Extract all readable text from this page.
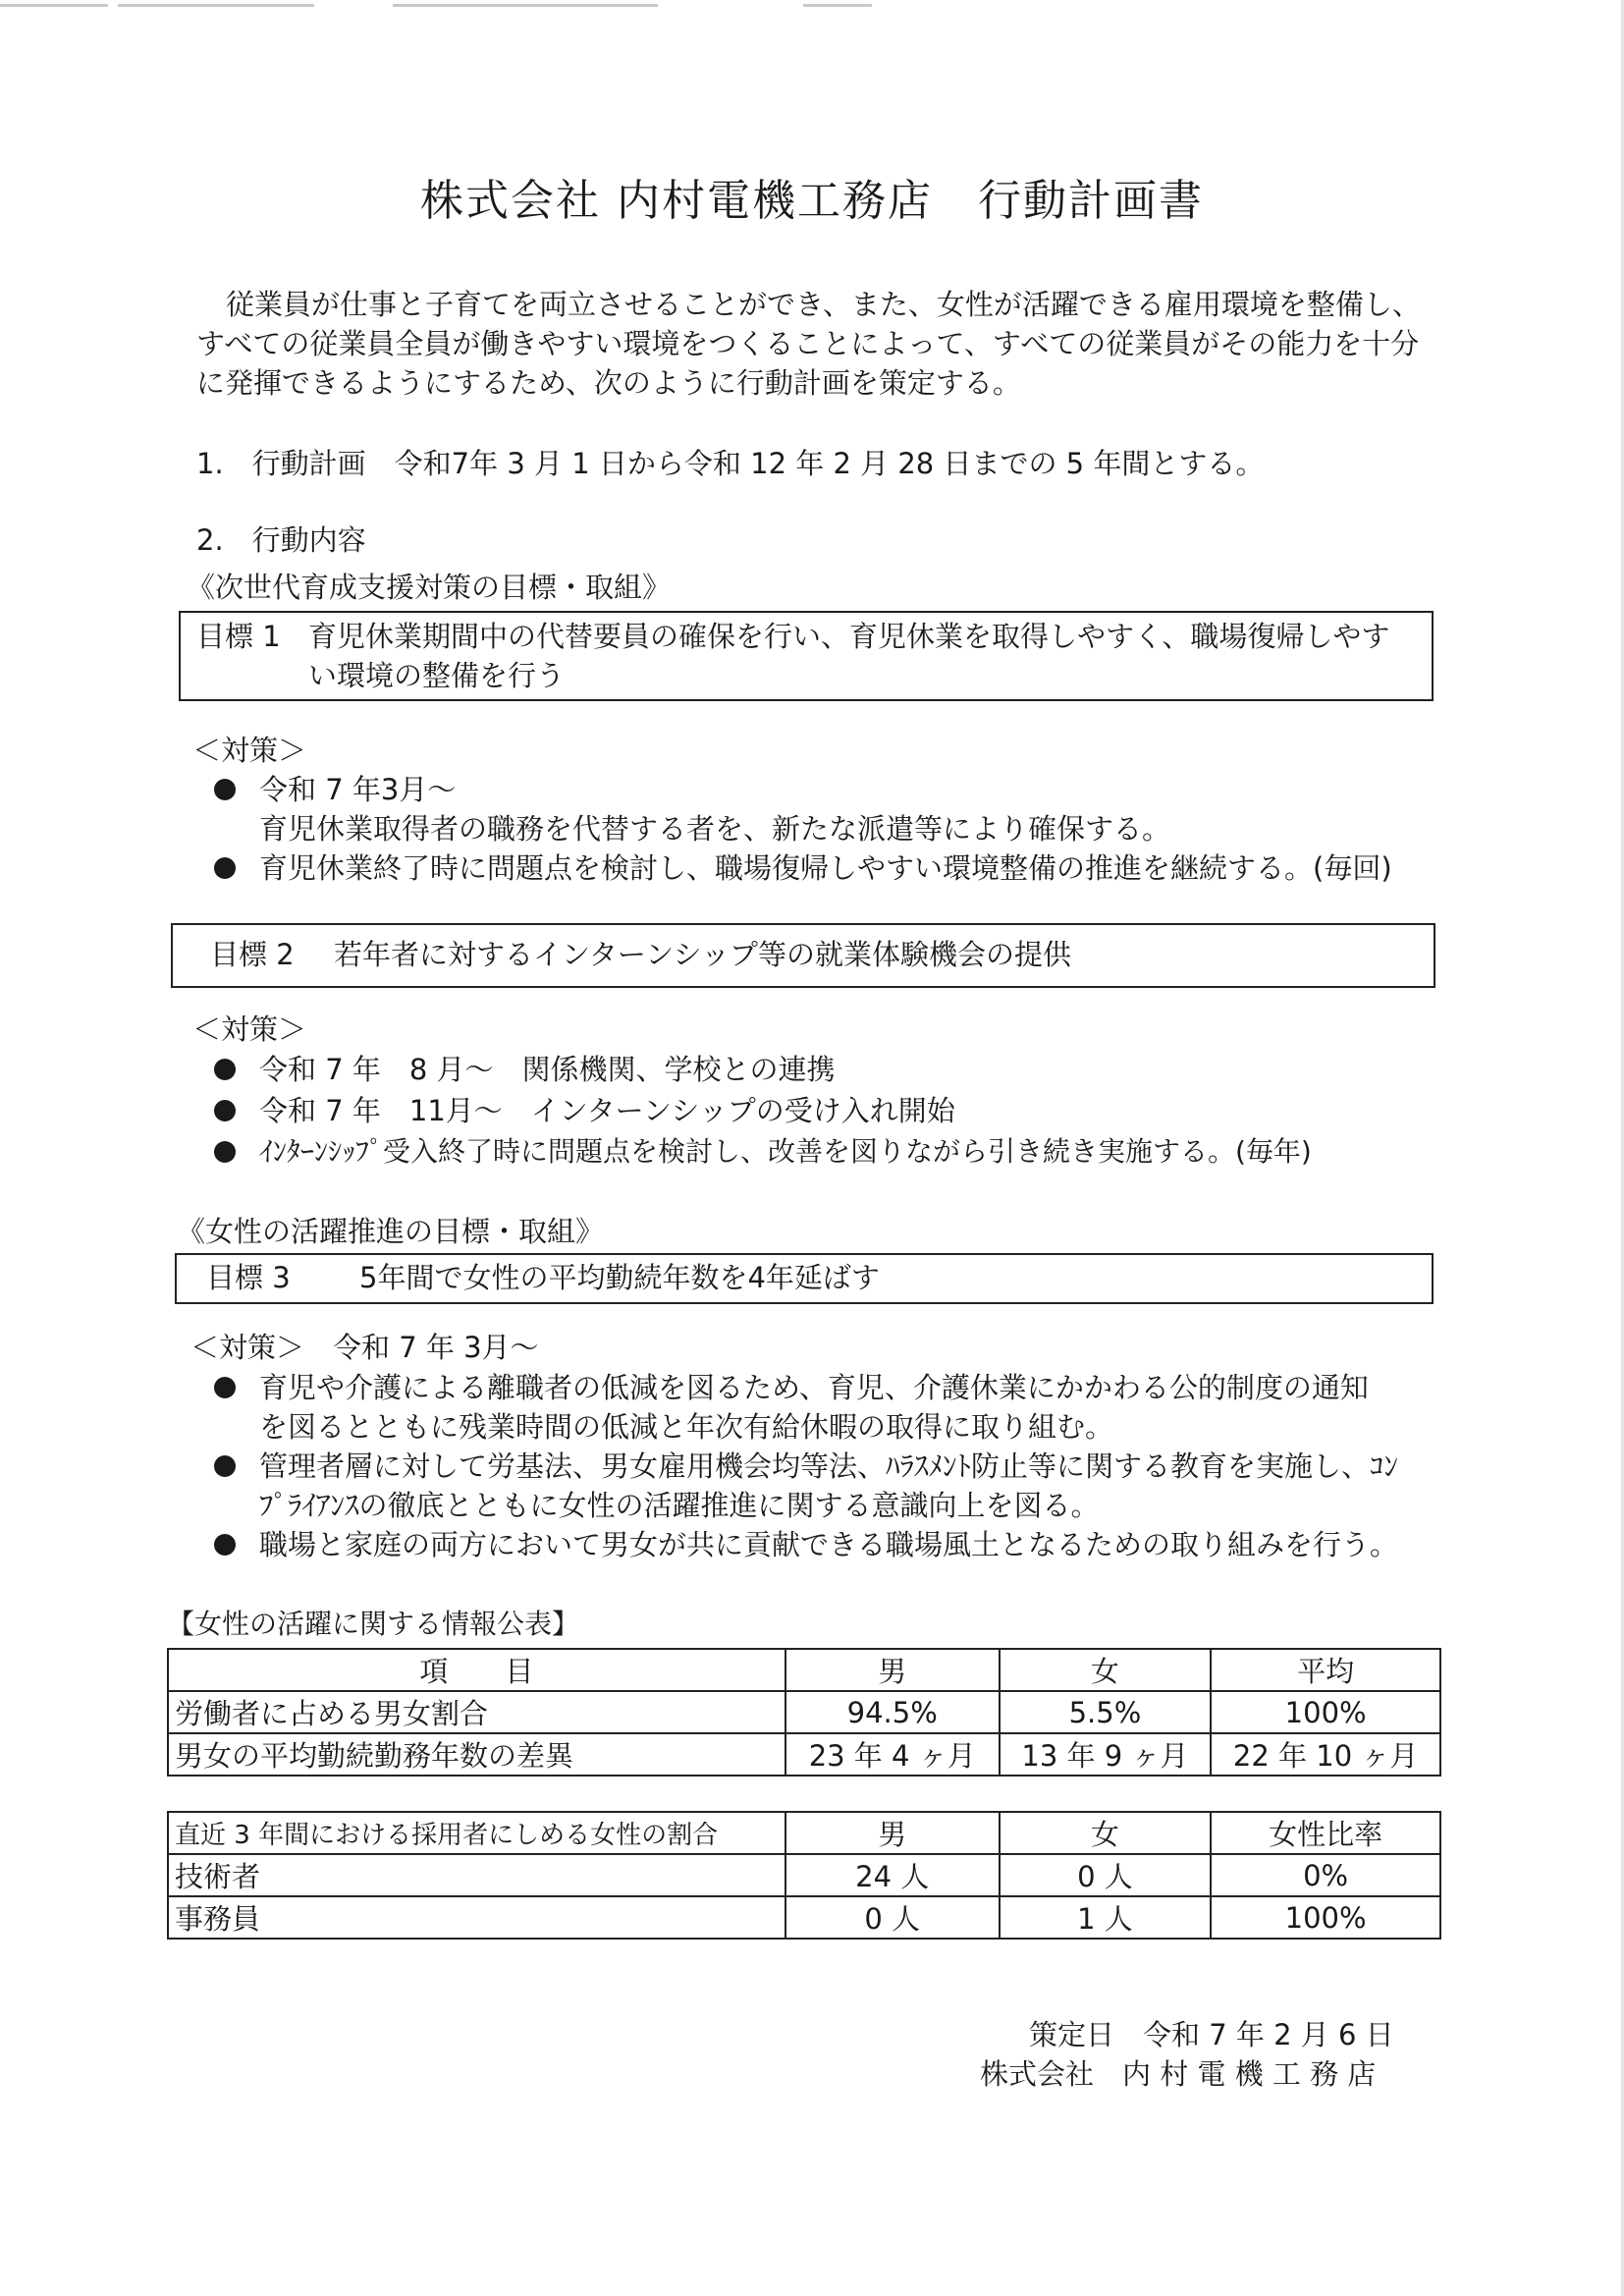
株式会社 内村電機工務店　行動計画書
従業員が仕事と子育てを両立させることができ、また、女性が活躍できる雇用環境を整備し、すべての従業員全員が働きやすい環境をつくることによって、すべての従業員がその能力を十分に発揮できるようにするため、次のように行動計画を策定する。
1.　行動計画　令和7年 3 月 1 日から令和 12 年 2 月 28 日までの 5 年間とする。
2.　行動内容
《次世代育成支援対策の目標・取組》
目標 1 育児休業期間中の代替要員の確保を行い、育児休業を取得しやすく、職場復帰しやす
い環境の整備を行う
＜対策＞
令和 7 年3月～
育児休業取得者の職務を代替する者を、新たな派遣等により確保する。
育児休業終了時に問題点を検討し、職場復帰しやすい環境整備の推進を継続する。(毎回)
目標 2 若年者に対するインターンシップ等の就業体験機会の提供
＜対策＞
令和 7 年　8 月～　関係機関、学校との連携
令和 7 年　11月～　インターンシップの受け入れ開始
ｲﾝﾀｰﾝｼｯﾌﾟ受入終了時に問題点を検討し、改善を図りながら引き続き実施する。(毎年)
《女性の活躍推進の目標・取組》
目標 3 5年間で女性の平均勤続年数を4年延ばす
＜対策＞　令和 7 年 3月～
育児や介護による離職者の低減を図るため、育児、介護休業にかかわる公的制度の通知
を図るとともに残業時間の低減と年次有給休暇の取得に取り組む。
管理者層に対して労基法、男女雇用機会均等法、ﾊﾗｽﾒﾝﾄ防止等に関する教育を実施し、ｺﾝ
ﾌﾟﾗｲｱﾝｽの徹底とともに女性の活躍推進に関する意識向上を図る。
職場と家庭の両方において男女が共に貢献できる職場風土となるための取り組みを行う。
【女性の活躍に関する情報公表】
項　　目	男	女	平均
労働者に占める男女割合	94.5%	5.5%	100%
男女の平均勤続勤務年数の差異	23 年 4 ヶ月	13 年 9 ヶ月	22 年 10 ヶ月
直近 3 年間における採用者にしめる女性の割合	男	女	女性比率
技術者	24 人	0 人	0%
事務員	0 人	1 人	100%
策定日　令和 7 年 2 月 6 日
株式会社　内 村 電 機 工 務 店
